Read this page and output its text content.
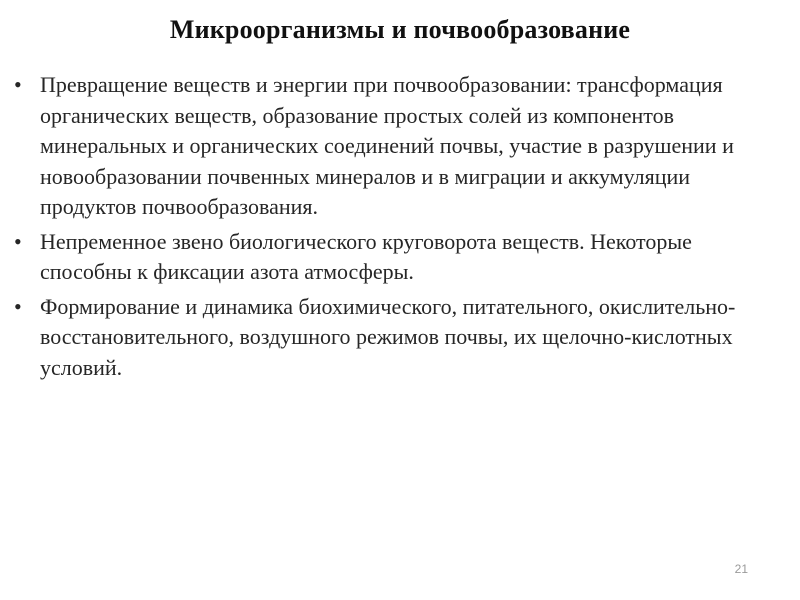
Микроорганизмы и почвообразование
• Превращение веществ и энергии при почвообразовании: трансформация органических веществ, образование простых солей из компонентов минеральных и органических соединений почвы, участие в разрушении и новообразовании почвенных минералов и в миграции и аккумуляции продуктов почвообразования.
• Непременное звено биологического круговорота веществ. Некоторые способны к фиксации азота атмосферы.
• Формирование и динамика биохимического, питательного, окислительно-восстановительного, воздушного режимов почвы, их щелочно-кислотных условий.
21
